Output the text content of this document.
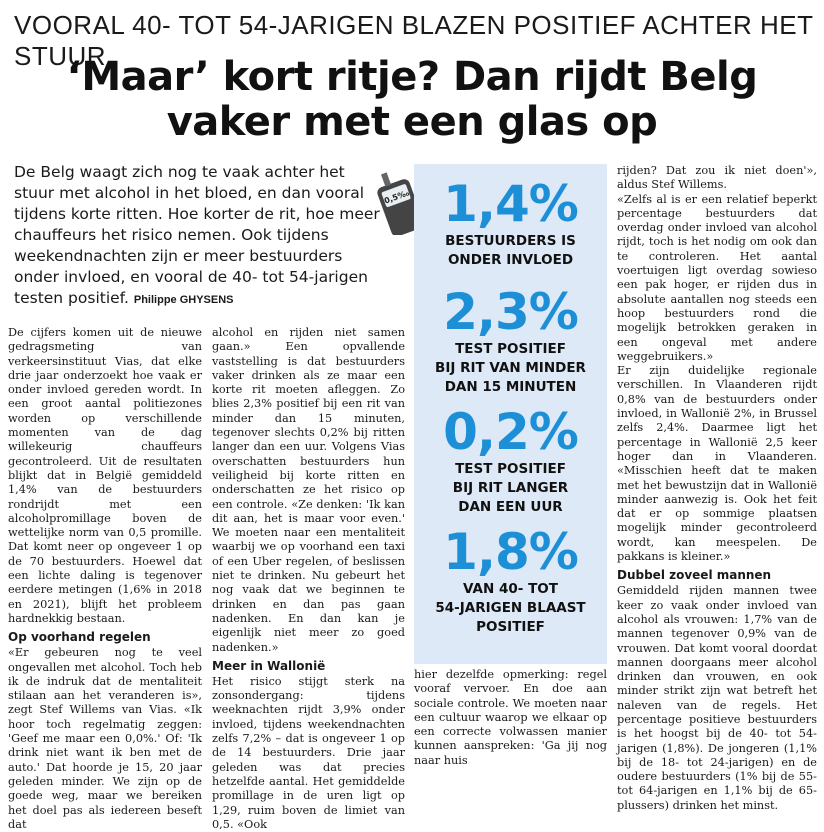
VOORAL 40- TOT 54-JARIGEN BLAZEN POSITIEF ACHTER HET STUUR
‘Maar’ kort ritje? Dan rijdt Belg
vaker met een glas op
De Belg waagt zich nog te vaak achter het stuur met alcohol in het bloed, en dan vooral tijdens korte ritten. Hoe korter de rit, hoe meer chauffeurs het risico nemen. Ook tijdens weekendnachten zijn er meer bestuurders onder invloed, en vooral de 40- tot 54-jarigen testen positief. Philippe GHYSENS
0,5‰

De cijfers komen uit de nieuwe gedragsmeting van verkeersinstituut Vias, dat elke drie jaar onderzoekt hoe vaak er onder invloed gereden wordt. In een groot aantal politiezones worden op verschillende momenten van de dag willekeurig chauffeurs gecontroleerd. Uit de resultaten blijkt dat in België gemiddeld 1,4% van de bestuurders rondrijdt met een alcoholpromillage boven de wettelijke norm van 0,5 promille. Dat komt neer op ongeveer 1 op de 70 bestuurders. Hoewel dat een lichte daling is tegenover eerdere metingen (1,6% in 2018 en 2021), blijft het probleem hardnekkig bestaan.

Op voorhand regelen

«Er gebeuren nog te veel ongevallen met alcohol. Toch heb ik de indruk dat de mentaliteit stilaan aan het veranderen is», zegt Stef Willems van Vias. «Ik hoor toch regelmatig zeggen: 'Geef me maar een 0,0%.' Of: 'Ik drink niet want ik ben met de auto.' Dat hoorde je 15, 20 jaar geleden minder. We zijn op de goede weg, maar we bereiken het doel pas als iedereen beseft dat

alcohol en rijden niet samen gaan.» Een opvallende vaststelling is dat bestuurders vaker drinken als ze maar een korte rit moeten afleggen. Zo blies 2,3% positief bij een rit van minder dan 15 minuten, tegenover slechts 0,2% bij ritten langer dan een uur. Volgens Vias overschatten bestuurders hun veiligheid bij korte ritten en onderschatten ze het risico op een controle. «Ze denken: 'Ik kan dit aan, het is maar voor even.' We moeten naar een mentaliteit waarbij we op voorhand een taxi of een Uber regelen, of beslissen niet te drinken. Nu gebeurt het nog vaak dat we beginnen te drinken en dan pas gaan nadenken. En dan kan je eigenlijk niet meer zo goed nadenken.»

Meer in Wallonië

Het risico stijgt sterk na zonsondergang: tijdens weeknachten rijdt 3,9% onder invloed, tijdens weekendnachten zelfs 7,2% – dat is ongeveer 1 op de 14 bestuurders. Drie jaar geleden was dat precies hetzelfde aantal. Het gemiddelde promillage in de uren ligt op 1,29, ruim boven de limiet van 0,5. «Ook

1,4%
BESTUURDERS IS
ONDER INVLOED
2,3%
TEST POSITIEF
BIJ RIT VAN MINDER
DAN 15 MINUTEN
0,2%
TEST POSITIEF
BIJ RIT LANGER
DAN EEN UUR
1,8%
VAN 40- TOT
54-JARIGEN BLAAST
POSITIEF

hier dezelfde opmerking: regel vooraf vervoer. En doe aan sociale controle. We moeten naar een cultuur waarop we elkaar op een correcte volwassen manier kunnen aanspreken: 'Ga jij nog naar huis

rijden? Dat zou ik niet doen'», aldus Stef Willems.

«Zelfs al is er een relatief beperkt percentage bestuurders dat overdag onder invloed van alcohol rijdt, toch is het nodig om ook dan te controleren. Het aantal voertuigen ligt overdag sowieso een pak hoger, er rijden dus in absolute aantallen nog steeds een hoop bestuurders rond die mogelijk betrokken geraken in een ongeval met andere weggebruikers.»

Er zijn duidelijke regionale verschillen. In Vlaanderen rijdt 0,8% van de bestuurders onder invloed, in Wallonië 2%, in Brussel zelfs 2,4%. Daarmee ligt het percentage in Wallonië 2,5 keer hoger dan in Vlaanderen. «Misschien heeft dat te maken met het bewustzijn dat in Wallonië minder aanwezig is. Ook het feit dat er op sommige plaatsen mogelijk minder gecontroleerd wordt, kan meespelen. De pakkans is kleiner.»

Dubbel zoveel mannen

Gemiddeld rijden mannen twee keer zo vaak onder invloed van alcohol als vrouwen: 1,7% van de mannen tegenover 0,9% van de vrouwen. Dat komt vooral doordat mannen doorgaans meer alcohol drinken dan vrouwen, en ook minder strikt zijn wat betreft het naleven van de regels. Het percentage positieve bestuurders is het hoogst bij de 40- tot 54-jarigen (1,8%). De jongeren (1,1% bij de 18- tot 24-jarigen) en de oudere bestuurders (1% bij de 55- tot 64-jarigen en 1,1% bij de 65-plussers) drinken het minst.
